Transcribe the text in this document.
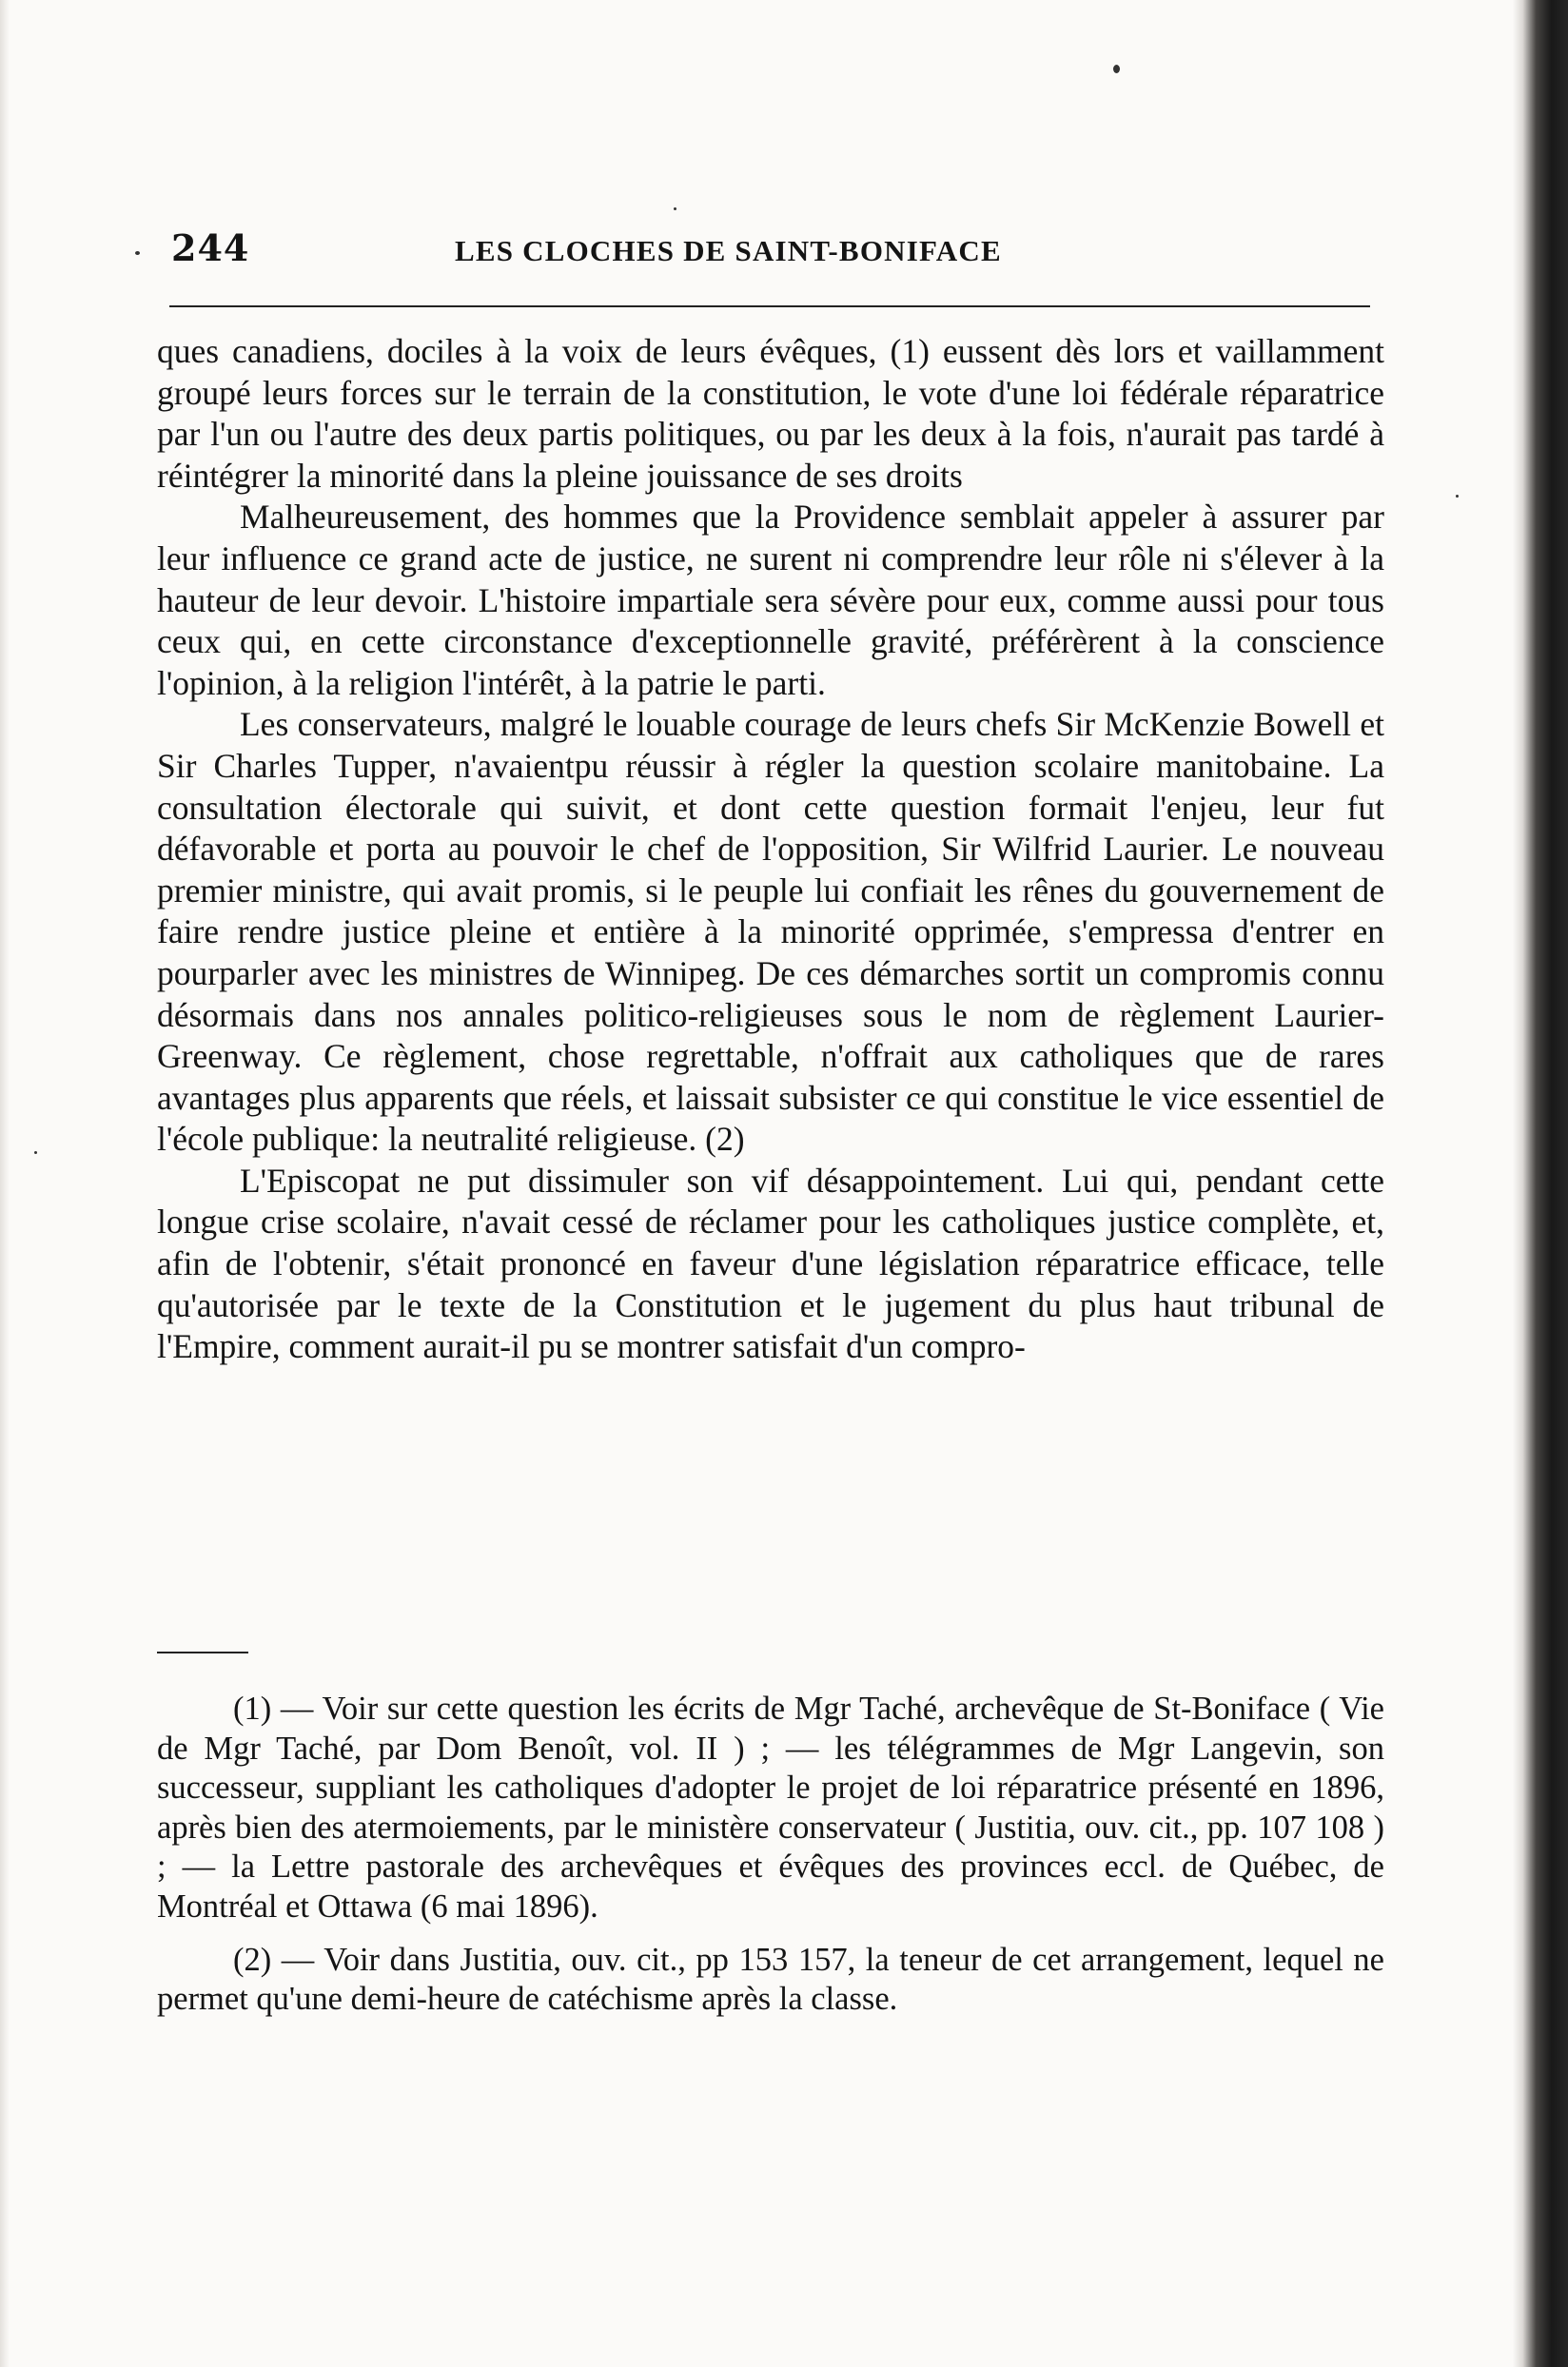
244	LES CLOCHES DE SAINT-BONIFACE

ques canadiens, dociles à la voix de leurs évêques, (1) eussent dès lors et vaillamment groupé leurs forces sur le terrain de la constitution, le vote d'une loi fédérale réparatrice par l'un ou l'autre des deux partis politiques, ou par les deux à la fois, n'aurait pas tardé à réintégrer la minorité dans la pleine jouissance de ses droits

Malheureusement, des hommes que la Providence semblait appeler à assurer par leur influence ce grand acte de justice, ne surent ni comprendre leur rôle ni s'élever à la hauteur de leur devoir. L'histoire impartiale sera sévère pour eux, comme aussi pour tous ceux qui, en cette circonstance d'exceptionnelle gravité, préférèrent à la conscience l'opinion, à la religion l'intérêt, à la patrie le parti.

Les conservateurs, malgré le louable courage de leurs chefs Sir McKenzie Bowell et Sir Charles Tupper, n'avaientpu réussir à régler la question scolaire manitobaine. La consultation électorale qui suivit, et dont cette question formait l'enjeu, leur fut défavorable et porta au pouvoir le chef de l'opposition, Sir Wilfrid Laurier. Le nouveau premier ministre, qui avait promis, si le peuple lui confiait les rênes du gouvernement de faire rendre justice pleine et entière à la minorité opprimée, s'empressa d'entrer en pourparler avec les ministres de Winnipeg. De ces démarches sortit un compromis connu désormais dans nos annales politico-religieuses sous le nom de règlement Laurier-Greenway. Ce règlement, chose regrettable, n'offrait aux catholiques que de rares avantages plus apparents que réels, et laissait subsister ce qui constitue le vice essentiel de l'école publique: la neutralité religieuse. (2)

L'Episcopat ne put dissimuler son vif désappointement. Lui qui, pendant cette longue crise scolaire, n'avait cessé de réclamer pour les catholiques justice complète, et, afin de l'obtenir, s'était prononcé en faveur d'une législation réparatrice efficace, telle qu'autorisée par le texte de la Constitution et le jugement du plus haut tribunal de l'Empire, comment aurait-il pu se montrer satisfait d'un compro-

(1) — Voir sur cette question les écrits de Mgr Taché, archevêque de St-Boniface ( Vie de Mgr Taché, par Dom Benoît, vol. II ) ; — les télégrammes de Mgr Langevin, son successeur, suppliant les catholiques d'adopter le projet de loi réparatrice présenté en 1896, après bien des atermoiements, par le ministère conservateur ( Justitia, ouv. cit., pp. 107 108 ) ; — la Lettre pastorale des archevêques et évêques des provinces eccl. de Québec, de Montréal et Ottawa (6 mai 1896).

(2) — Voir dans Justitia, ouv. cit., pp 153 157, la teneur de cet arrangement, lequel ne permet qu'une demi-heure de catéchisme après la classe.
